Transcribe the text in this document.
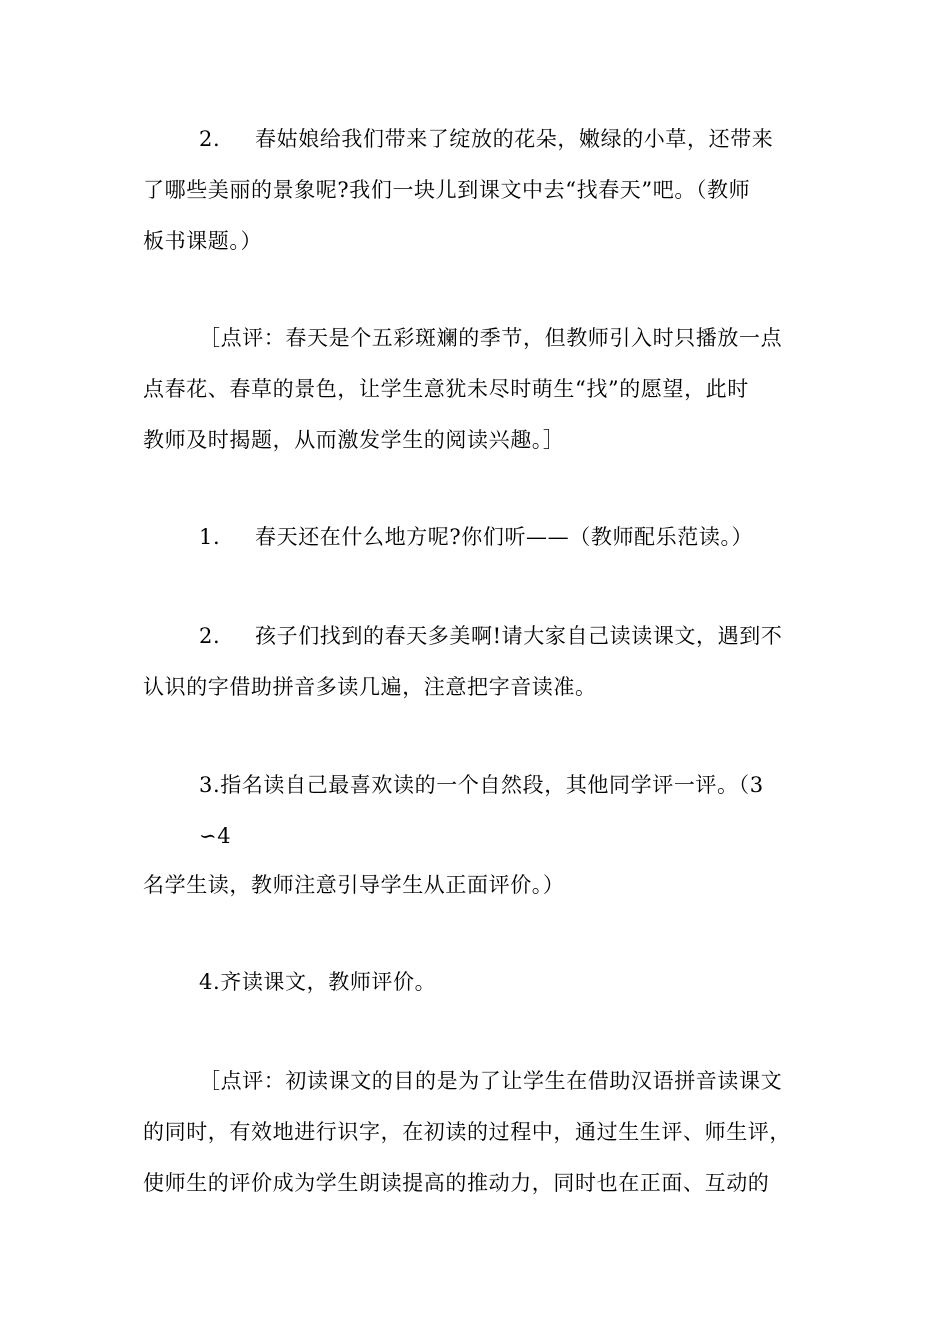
2. 春姑娘给我们带来了绽放的花朵，嫩绿的小草，还带来
了哪些美丽的景象呢?我们一块儿到课文中去“找春天”吧。（教师
板书课题。）
［点评：春天是个五彩斑斓的季节，但教师引入时只播放一点
点春花、春草的景色，让学生意犹未尽时萌生“找”的愿望，此时
教师及时揭题，从而激发学生的阅读兴趣。］
1. 春天还在什么地方呢?你们听——（教师配乐范读。）
2. 孩子们找到的春天多美啊!请大家自己读读课文，遇到不
认识的字借助拼音多读几遍，注意把字音读准。
3.指名读自己最喜欢读的一个自然段，其他同学评一评。（3
∽4
名学生读，教师注意引导学生从正面评价。）
4.齐读课文，教师评价。
［点评：初读课文的目的是为了让学生在借助汉语拼音读课文
的同时，有效地进行识字，在初读的过程中，通过生生评、师生评，
使师生的评价成为学生朗读提高的推动力，同时也在正面、互动的
